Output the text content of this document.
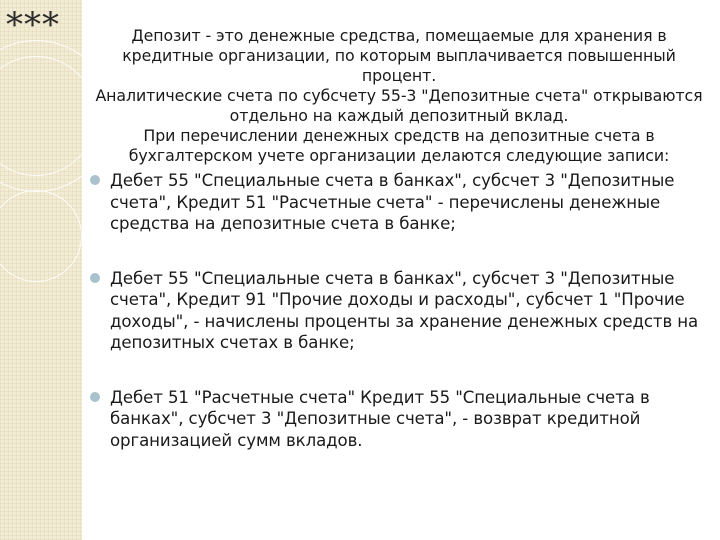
***	Депозит - это денежные средства, помещаемые для хранения в кредитные организации, по которым выплачивается повышенный процент.

Аналитические счета по субсчету 55-3 "Депозитные счета" открываются отдельно на каждый депозитный вклад.

При перечислении денежных средств на депозитные счета в бухгалтерском учете организации делаются следующие записи:

Дебет 55 "Специальные счета в банках", субсчет 3 "Депозитные счета", Кредит 51 "Расчетные счета" - перечислены денежные средства на депозитные счета в банке;
Дебет 55 "Специальные счета в банках", субсчет 3 "Депозитные счета", Кредит 91 "Прочие доходы и расходы", субсчет 1 "Прочие доходы", - начислены проценты за хранение денежных средств на депозитных счетах в банке;
Дебет 51 "Расчетные счета" Кредит 55 "Специальные счета в банках", субсчет 3 "Депозитные счета", - возврат кредитной организацией сумм вкладов.
